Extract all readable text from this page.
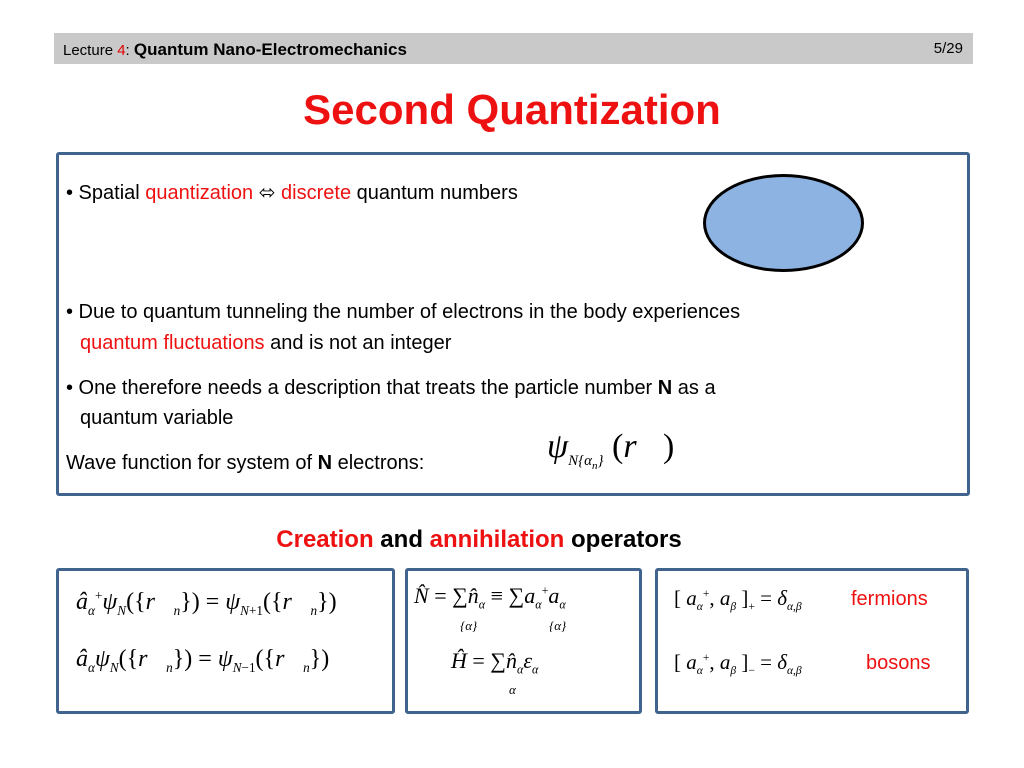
Lecture 4: Quantum Nano-Electromechanics	5/29
Second Quantization
• Spatial quantization ⬄ discrete quantum numbers
• Due to quantum tunneling the number of electrons in the body experiences
quantum fluctuations and is not an integer
• One therefore needs a description that treats the particle number N as a
quantum variable
Wave function for system of N electrons:	$\psi_{N\{\alpha_n\}}$ (r⃗)
Creation and annihilation operators
$â_\alpha^+\psi_N(\{r⃗_n\})$ = $\psi_{N+1}(\{r⃗_n\})$
$â_\alpha\psi_N(\{r⃗_n\})$ = $\psi_{N-1}(\{r⃗_n\})$
N̂ = $\sum n̂_\alpha \equiv \sum a_\alpha^+a_\alpha$
{α}	{α}
Ĥ = $\sum n̂_\alpha\varepsilon_\alpha$
α
[ $a_\alpha^+$, $a_\beta$ ]$_+ = \delta_{\alpha,\beta}$ fermions
[ $a_\alpha^+$, $a_\beta$ ]$_- = \delta_{\alpha,\beta}$	bosons
